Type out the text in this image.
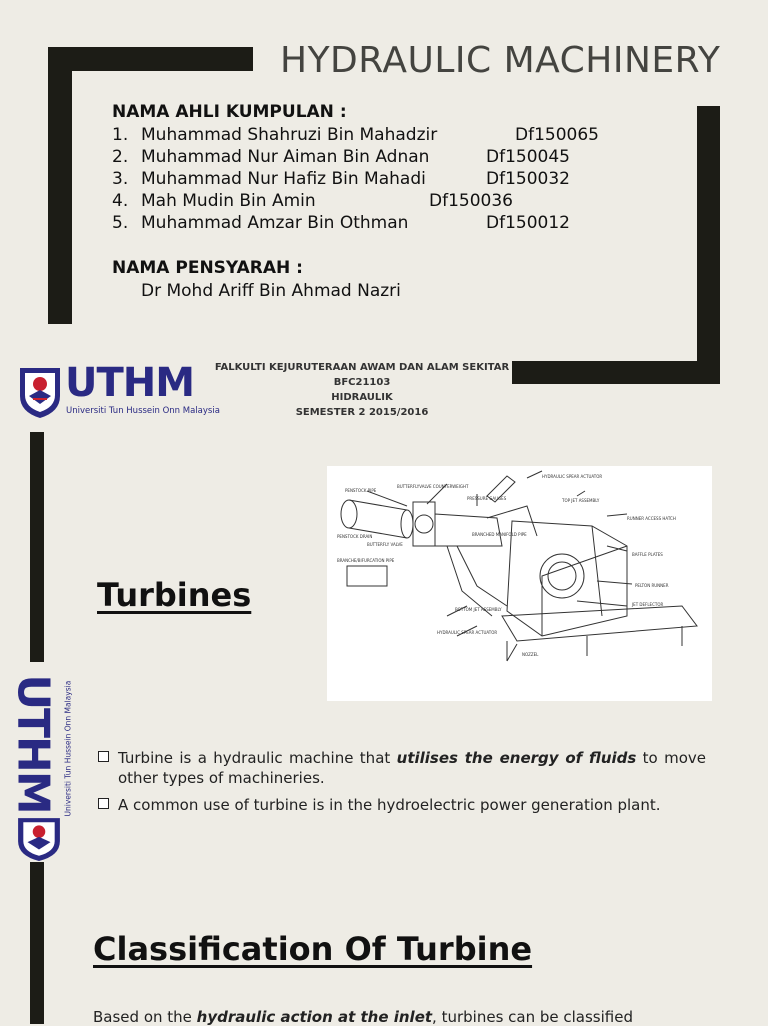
HYDRAULIC MACHINERY
NAMA AHLI KUMPULAN :
1. Muhammad Shahruzi Bin Mahadzir	Df150065
2. Muhammad Nur Aiman Bin Adnan	Df150045
3. Muhammad Nur Hafiz Bin Mahadi	Df150032
4. Mah Mudin Bin Amin	Df150036
5. Muhammad Amzar Bin Othman	Df150012
NAMA PENSYARAH :
Dr Mohd Ariff Bin Ahmad Nazri
UTHM
Universiti Tun Hussein Onn Malaysia
FALKULTI KEJURUTERAAN AWAM DAN ALAM SEKITAR
BFC21103
HIDRAULIK
SEMESTER 2 2015/2016
UTHM Universiti Tun Hussein Onn Malaysia
Turbines
HYDRAULIC SPEAR ACTUATOR
BUTTERFLYVALVE COUNTERWEIGHT
PENSTOCK PIPE
PRESSURE GAUGES	TOP JET ASSEMBLY
RUNNER ACCESS HATCH
BAFFLE PLATES
PELTON RUNNER
JET DEFLECTOR
BOTTOM JET ASSEMBLY
HYDRAULIC SPEAR ACTUATOR
NOZZEL
BRANCHED MANIFOLD PIPE
BUTTERFLY VALVE
PENSTOCK DRAIN
BRANCHE/BIFURCATION PIPE
Turbine is a hydraulic machine that utilises the energy of fluids to move other types of machineries.
A common use of turbine is in the hydroelectric power generation plant.
Classification Of Turbine
Based on the hydraulic action at the inlet, turbines can be classified
